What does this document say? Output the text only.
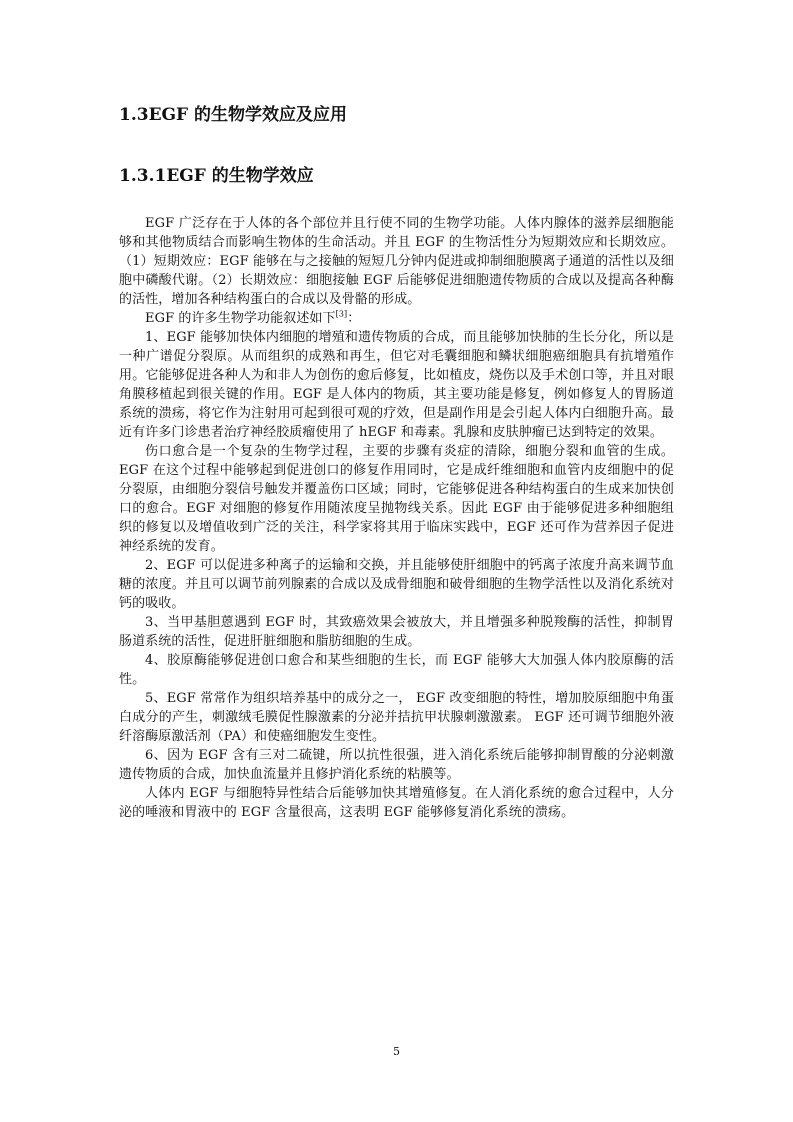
1.3EGF 的生物学效应及应用
1.3.1EGF 的生物学效应

EGF 广泛存在于人体的各个部位并且行使不同的生物学功能。人体内腺体的滋养层细胞能够和其他物质结合而影响生物体的生命活动。并且 EGF 的生物活性分为短期效应和长期效应。（1）短期效应：EGF 能够在与之接触的短短几分钟内促进或抑制细胞膜离子通道的活性以及细胞中磷酸代谢。（2）长期效应：细胞接触 EGF 后能够促进细胞遗传物质的合成以及提高各种酶的活性，增加各种结构蛋白的合成以及骨骼的形成。

EGF 的许多生物学功能叙述如下[3]：

1、EGF 能够加快体内细胞的增殖和遗传物质的合成，而且能够加快肺的生长分化，所以是一种广谱促分裂原。从而组织的成熟和再生，但它对毛囊细胞和鳞状细胞癌细胞具有抗增殖作用。它能够促进各种人为和非人为创伤的愈后修复，比如植皮，烧伤以及手术创口等，并且对眼角膜移植起到很关键的作用。EGF 是人体内的物质，其主要功能是修复，例如修复人的胃肠道系统的溃疡，将它作为注射用可起到很可观的疗效，但是副作用是会引起人体内白细胞升高。最近有许多门诊患者治疗神经胶质瘤使用了 hEGF 和毒素。乳腺和皮肤肿瘤已达到特定的效果。

伤口愈合是一个复杂的生物学过程，主要的步骤有炎症的清除，细胞分裂和血管的生成。EGF 在这个过程中能够起到促进创口的修复作用同时，它是成纤维细胞和血管内皮细胞中的促分裂原，由细胞分裂信号触发并覆盖伤口区域；同时，它能够促进各种结构蛋白的生成来加快创口的愈合。EGF 对细胞的修复作用随浓度呈抛物线关系。因此 EGF 由于能够促进多种细胞组织的修复以及增值收到广泛的关注，科学家将其用于临床实践中，EGF 还可作为营养因子促进神经系统的发育。

2、EGF 可以促进多种离子的运输和交换，并且能够使肝细胞中的钙离子浓度升高来调节血糖的浓度。并且可以调节前列腺素的合成以及成骨细胞和破骨细胞的生物学活性以及消化系统对钙的吸收。

3、当甲基胆蒽遇到 EGF 时，其致癌效果会被放大，并且增强多种脱羧酶的活性，抑制胃肠道系统的活性，促进肝脏细胞和脂肪细胞的生成。

4、胶原酶能够促进创口愈合和某些细胞的生长，而 EGF 能够大大加强人体内胶原酶的活性。

5、EGF 常常作为组织培养基中的成分之一， EGF 改变细胞的特性，增加胶原细胞中角蛋白成分的产生，刺激绒毛膜促性腺激素的分泌并拮抗甲状腺刺激激素。 EGF 还可调节细胞外液纤溶酶原激活剂（PA）和使癌细胞发生变性。

6、因为 EGF 含有三对二硫键，所以抗性很强，进入消化系统后能够抑制胃酸的分泌刺激遗传物质的合成，加快血流量并且修护消化系统的粘膜等。

人体内 EGF 与细胞特异性结合后能够加快其增殖修复。在人消化系统的愈合过程中，人分泌的唾液和胃液中的 EGF 含量很高，这表明 EGF 能够修复消化系统的溃疡。

5
